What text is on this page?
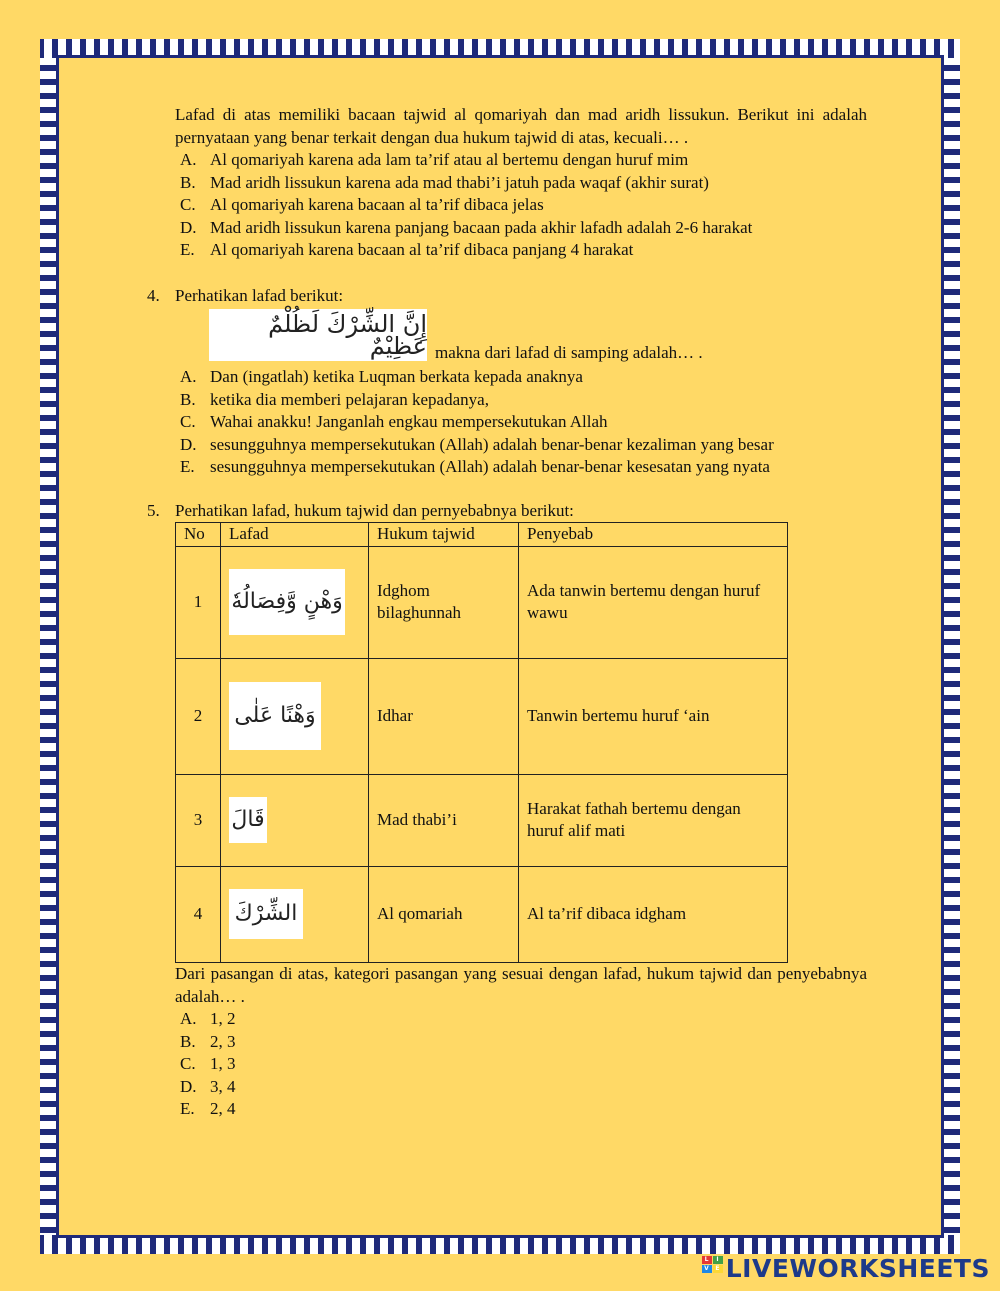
Lafad di atas memiliki bacaan tajwid al qomariyah dan mad aridh lissukun. Berikut ini adalah pernyataan yang benar terkait dengan dua hukum tajwid di atas, kecuali… .
A. Al qomariyah karena ada lam ta’rif atau al bertemu dengan huruf mim
B. Mad aridh lissukun karena ada mad thabi’i jatuh pada waqaf (akhir surat)
C. Al qomariyah karena bacaan al ta’rif dibaca jelas
D. Mad aridh lissukun karena panjang bacaan pada akhir lafadh adalah 2-6 harakat
E. Al qomariyah karena bacaan al ta’rif dibaca panjang 4 harakat
4. Perhatikan lafad berikut:
إِنَّ الشِّرْكَ لَظُلْمٌ عَظِيْمٌ makna dari lafad di samping adalah… .
A. Dan (ingatlah) ketika Luqman berkata kepada anaknya
B. ketika dia memberi pelajaran kepadanya,
C. Wahai anakku! Janganlah engkau mempersekutukan Allah
D. sesungguhnya mempersekutukan (Allah) adalah benar-benar kezaliman yang besar
E. sesungguhnya mempersekutukan (Allah) adalah benar-benar kesesatan yang nyata
5. Perhatikan lafad, hukum tajwid dan pernyebabnya berikut:
No	Lafad	Hukum tajwid	Penyebab
1	وَهْنٍ وَّفِصَالُهٗ	Idghom bilaghunnah	Ada tanwin bertemu dengan huruf wawu
2	وَهْنًا عَلٰى	Idhar	Tanwin bertemu huruf ‘ain
3	قَالَ	Mad thabi’i	Harakat fathah bertemu dengan huruf alif mati
4	الشِّرْكَ	Al qomariah	Al ta’rif dibaca idgham
Dari pasangan di atas, kategori pasangan yang sesuai dengan lafad, hukum tajwid dan penyebabnya adalah… .
A. 1, 2
B. 2, 3
C. 1, 3
D. 3, 4
E. 2, 4
L	I
V	E LIVEWORKSHEETS
